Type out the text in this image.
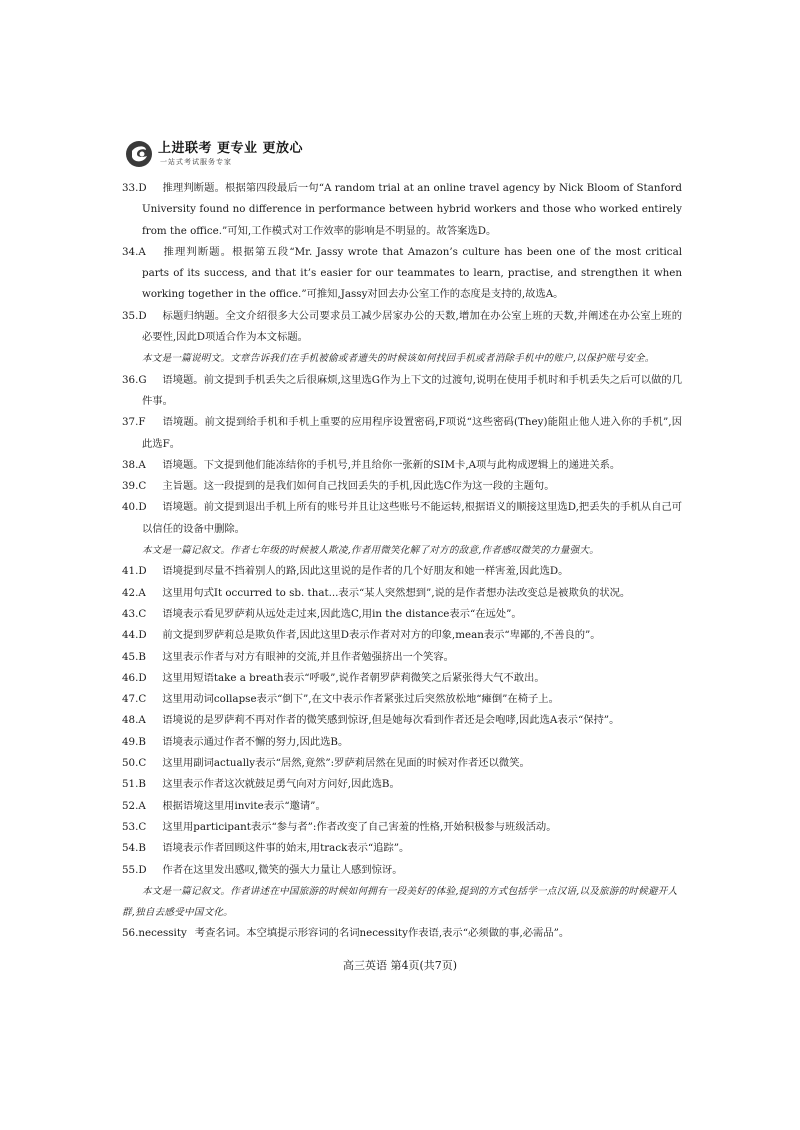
上进联考 更专业 更放心
一站式考试服务专家
33.D 推理判断题。根据第四段最后一句“A random trial at an online travel agency by Nick Bloom of Stanford University found no difference in performance between hybrid workers and those who worked entirely from the office.”可知,工作模式对工作效率的影响是不明显的。故答案选D。
34.A 推理判断题。根据第五段“Mr. Jassy wrote that Amazon’s culture has been one of the most critical parts of its success, and that it’s easier for our teammates to learn, practise, and strengthen it when working together in the office.”可推知,Jassy对回去办公室工作的态度是支持的,故选A。
35.D 标题归纳题。全文介绍很多大公司要求员工减少居家办公的天数,增加在办公室上班的天数,并阐述在办公室上班的必要性,因此D项适合作为本文标题。
本文是一篇说明文。文章告诉我们在手机被偷或者遗失的时候该如何找回手机或者消除手机中的账户,以保护账号安全。
36.G 语境题。前文提到手机丢失之后很麻烦,这里选G作为上下文的过渡句,说明在使用手机时和手机丢失之后可以做的几件事。
37.F 语境题。前文提到给手机和手机上重要的应用程序设置密码,F项说“这些密码(They)能阻止他人进入你的手机”,因此选F。
38.A 语境题。下文提到他们能冻结你的手机号,并且给你一张新的SIM卡,A项与此构成逻辑上的递进关系。
39.C 主旨题。这一段提到的是我们如何自己找回丢失的手机,因此选C作为这一段的主题句。
40.D 语境题。前文提到退出手机上所有的账号并且让这些账号不能运转,根据语义的顺接这里选D,把丢失的手机从自己可以信任的设备中删除。
本文是一篇记叙文。作者七年级的时候被人欺凌,作者用微笑化解了对方的敌意,作者感叹微笑的力量强大。
41.D 语境提到尽量不挡着别人的路,因此这里说的是作者的几个好朋友和她一样害羞,因此选D。
42.A 这里用句式It occurred to sb. that...表示“某人突然想到”,说的是作者想办法改变总是被欺负的状况。
43.C 语境表示看见罗萨莉从远处走过来,因此选C,用in the distance表示“在远处”。
44.D 前文提到罗萨莉总是欺负作者,因此这里D表示作者对对方的印象,mean表示“卑鄙的,不善良的”。
45.B 这里表示作者与对方有眼神的交流,并且作者勉强挤出一个笑容。
46.D 这里用短语take a breath表示“呼吸”,说作者朝罗萨莉微笑之后紧张得大气不敢出。
47.C 这里用动词collapse表示“倒下”,在文中表示作者紧张过后突然放松地“瘫倒”在椅子上。
48.A 语境说的是罗萨莉不再对作者的微笑感到惊讶,但是她每次看到作者还是会咆哮,因此选A表示“保持”。
49.B 语境表示通过作者不懈的努力,因此选B。
50.C 这里用副词actually表示“居然,竟然”:罗萨莉居然在见面的时候对作者还以微笑。
51.B 这里表示作者这次就鼓足勇气向对方问好,因此选B。
52.A 根据语境这里用invite表示“邀请”。
53.C 这里用participant表示“参与者”:作者改变了自己害羞的性格,开始积极参与班级活动。
54.B 语境表示作者回顾这件事的始末,用track表示“追踪”。
55.D 作者在这里发出感叹,微笑的强大力量让人感到惊讶。
本文是一篇记叙文。作者讲述在中国旅游的时候如何拥有一段美好的体验,提到的方式包括学一点汉语,以及旅游的时候避开人群,独自去感受中国文化。
56.necessity 考查名词。本空填提示形容词的名词necessity作表语,表示“必须做的事,必需品”。
高三英语 第4页(共7页)
